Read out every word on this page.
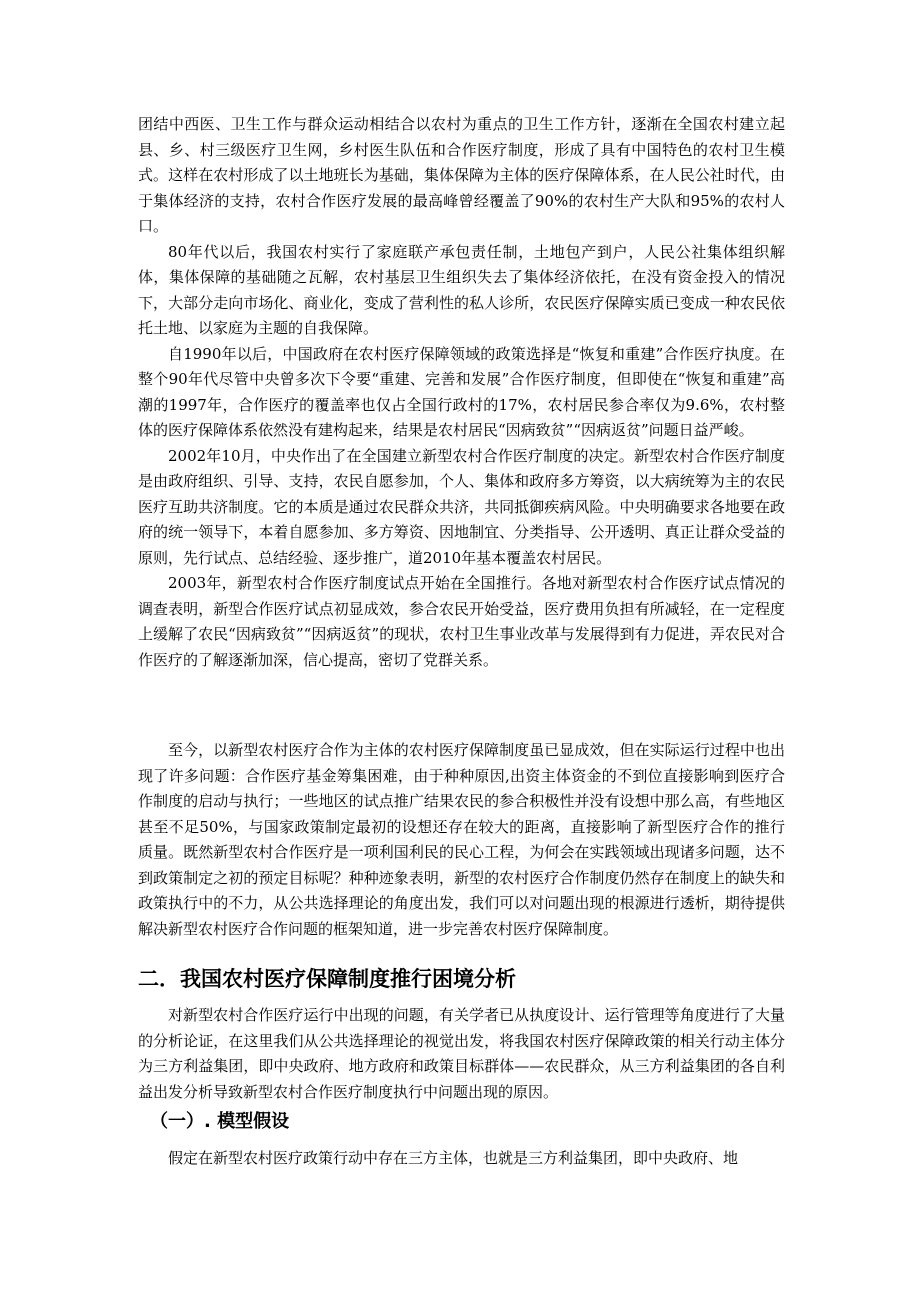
团结中西医、卫生工作与群众运动相结合以农村为重点的卫生工作方针，逐渐在全国农村建立起县、乡、村三级医疗卫生网，乡村医生队伍和合作医疗制度，形成了具有中国特色的农村卫生模式。这样在农村形成了以土地班长为基础，集体保障为主体的医疗保障体系，在人民公社时代，由于集体经济的支持，农村合作医疗发展的最高峰曾经覆盖了90%的农村生产大队和95%的农村人口。

80年代以后，我国农村实行了家庭联产承包责任制，土地包产到户，人民公社集体组织解体，集体保障的基础随之瓦解，农村基层卫生组织失去了集体经济依托，在没有资金投入的情况下，大部分走向市场化、商业化，变成了营利性的私人诊所，农民医疗保障实质已变成一种农民依托土地、以家庭为主题的自我保障。

自1990年以后，中国政府在农村医疗保障领域的政策选择是“恢复和重建”合作医疗执度。在整个90年代尽管中央曾多次下令要“重建、完善和发展”合作医疗制度，但即使在“恢复和重建”高潮的1997年，合作医疗的覆盖率也仅占全国行政村的17%，农村居民参合率仅为9.6%，农村整体的医疗保障体系依然没有建构起来，结果是农村居民“因病致贫”“因病返贫”问题日益严峻。

2002年10月，中央作出了在全国建立新型农村合作医疗制度的决定。新型农村合作医疗制度是由政府组织、引导、支持，农民自愿参加，个人、集体和政府多方筹资，以大病统筹为主的农民医疗互助共济制度。它的本质是通过农民群众共济，共同抵御疾病风险。中央明确要求各地要在政府的统一领导下，本着自愿参加、多方筹资、因地制宜、分类指导、公开透明、真正让群众受益的原则，先行试点、总结经验、逐步推广，道2010年基本覆盖农村居民。

2003年，新型农村合作医疗制度试点开始在全国推行。各地对新型农村合作医疗试点情况的调查表明，新型合作医疗试点初显成效，参合农民开始受益，医疗费用负担有所减轻，在一定程度上缓解了农民“因病致贫”“因病返贫”的现状，农村卫生事业改革与发展得到有力促进，弄农民对合作医疗的了解逐渐加深，信心提高，密切了党群关系。

至今，以新型农村医疗合作为主体的农村医疗保障制度虽已显成效，但在实际运行过程中也出现了许多问题：合作医疗基金筹集困难，由于种种原因,出资主体资金的不到位直接影响到医疗合作制度的启动与执行；一些地区的试点推广结果农民的参合积极性并没有设想中那么高，有些地区甚至不足50%，与国家政策制定最初的设想还存在较大的距离，直接影响了新型医疗合作的推行质量。既然新型农村合作医疗是一项利国利民的民心工程，为何会在实践领域出现诸多问题，达不到政策制定之初的预定目标呢？种种迹象表明，新型的农村医疗合作制度仍然存在制度上的缺失和政策执行中的不力，从公共选择理论的角度出发，我们可以对问题出现的根源进行透析，期待提供解决新型农村医疗合作问题的框架知道，进一步完善农村医疗保障制度。

二．我国农村医疗保障制度推行困境分析

对新型农村合作医疗运行中出现的问题，有关学者已从执度设计、运行管理等角度进行了大量的分析论证，在这里我们从公共选择理论的视觉出发，将我国农村医疗保障政策的相关行动主体分为三方利益集团，即中央政府、地方政府和政策目标群体——农民群众，从三方利益集团的各自利益出发分析导致新型农村合作医疗制度执行中问题出现的原因。

（一）. 模型假设

假定在新型农村医疗政策行动中存在三方主体，也就是三方利益集团，即中央政府、地
